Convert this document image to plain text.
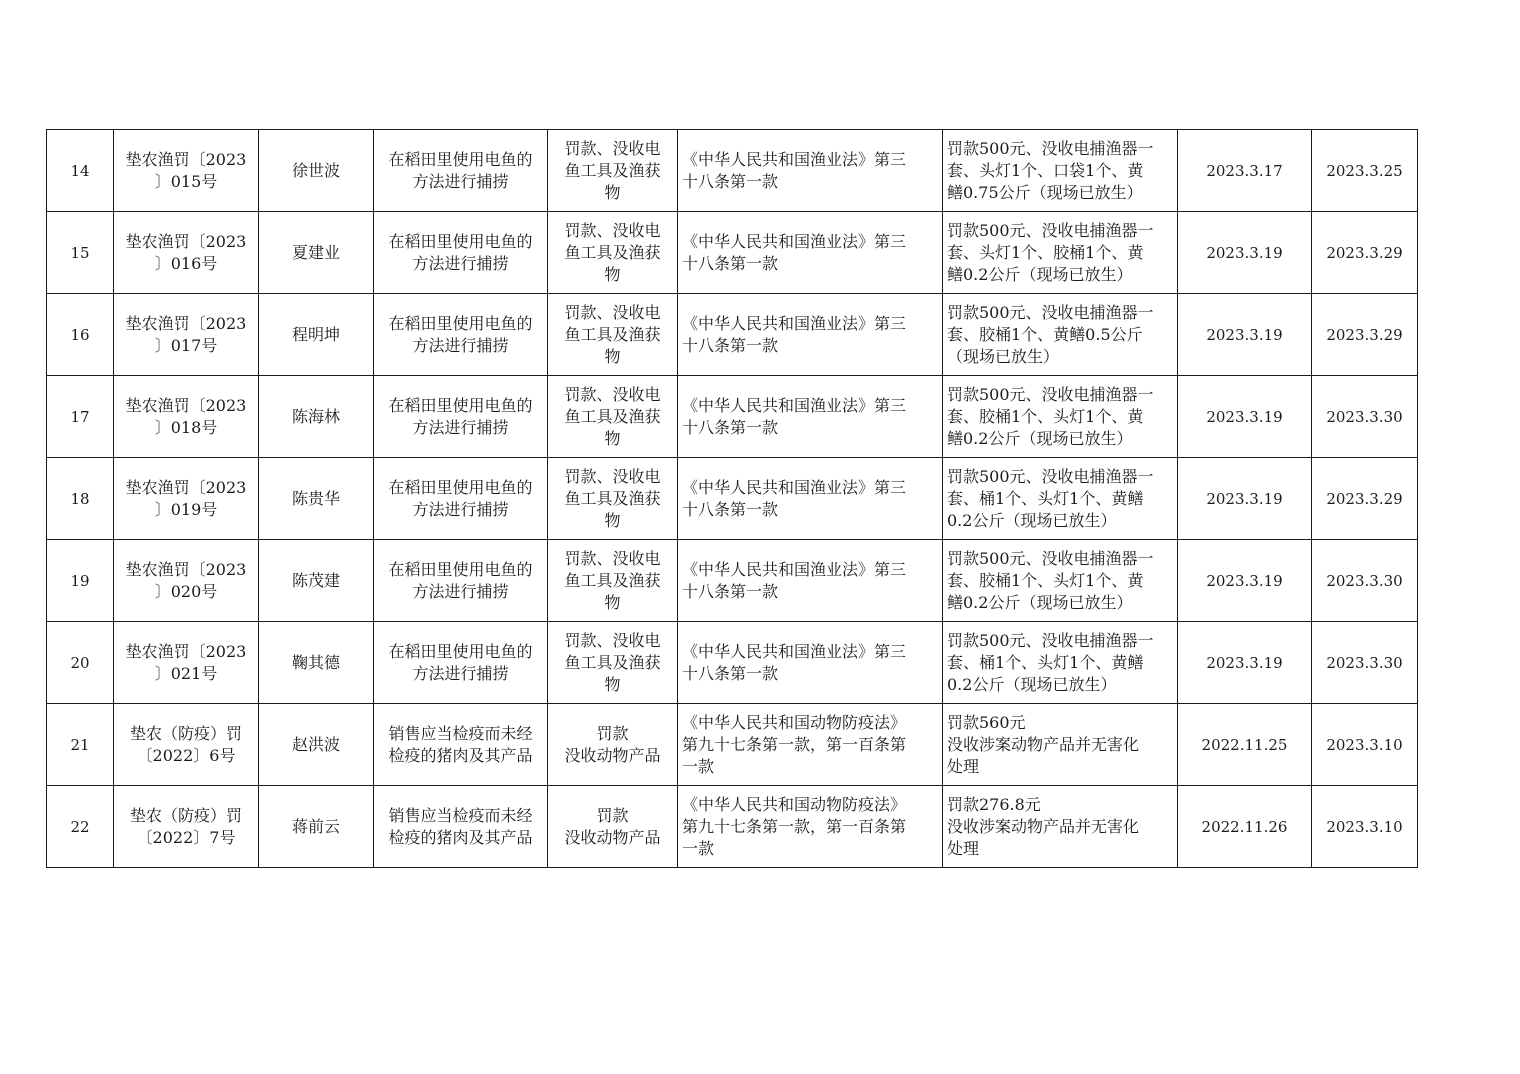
14	垫农渔罚〔2023
〕015号	徐世波	在稻田里使用电鱼的
方法进行捕捞	罚款、没收电
鱼工具及渔获
物	《中华人民共和国渔业法》第三
十八条第一款	罚款500元、没收电捕渔器一
套、头灯1个、口袋1个、黄
鳝0.75公斤（现场已放生）	2023.3.17	2023.3.25
15	垫农渔罚〔2023
〕016号	夏建业	在稻田里使用电鱼的
方法进行捕捞	罚款、没收电
鱼工具及渔获
物	《中华人民共和国渔业法》第三
十八条第一款	罚款500元、没收电捕渔器一
套、头灯1个、胶桶1个、黄
鳝0.2公斤（现场已放生）	2023.3.19	2023.3.29
16	垫农渔罚〔2023
〕017号	程明坤	在稻田里使用电鱼的
方法进行捕捞	罚款、没收电
鱼工具及渔获
物	《中华人民共和国渔业法》第三
十八条第一款	罚款500元、没收电捕渔器一
套、胶桶1个、黄鳝0.5公斤
（现场已放生）	2023.3.19	2023.3.29
17	垫农渔罚〔2023
〕018号	陈海林	在稻田里使用电鱼的
方法进行捕捞	罚款、没收电
鱼工具及渔获
物	《中华人民共和国渔业法》第三
十八条第一款	罚款500元、没收电捕渔器一
套、胶桶1个、头灯1个、黄
鳝0.2公斤（现场已放生）	2023.3.19	2023.3.30
18	垫农渔罚〔2023
〕019号	陈贵华	在稻田里使用电鱼的
方法进行捕捞	罚款、没收电
鱼工具及渔获
物	《中华人民共和国渔业法》第三
十八条第一款	罚款500元、没收电捕渔器一
套、桶1个、头灯1个、黄鳝
0.2公斤（现场已放生）	2023.3.19	2023.3.29
19	垫农渔罚〔2023
〕020号	陈茂建	在稻田里使用电鱼的
方法进行捕捞	罚款、没收电
鱼工具及渔获
物	《中华人民共和国渔业法》第三
十八条第一款	罚款500元、没收电捕渔器一
套、胶桶1个、头灯1个、黄
鳝0.2公斤（现场已放生）	2023.3.19	2023.3.30
20	垫农渔罚〔2023
〕021号	鞠其德	在稻田里使用电鱼的
方法进行捕捞	罚款、没收电
鱼工具及渔获
物	《中华人民共和国渔业法》第三
十八条第一款	罚款500元、没收电捕渔器一
套、桶1个、头灯1个、黄鳝
0.2公斤（现场已放生）	2023.3.19	2023.3.30
21	垫农（防疫）罚
〔2022〕6号	赵洪波	销售应当检疫而未经
检疫的猪肉及其产品	罚款
没收动物产品	《中华人民共和国动物防疫法》
第九十七条第一款，第一百条第
一款	罚款560元
没收涉案动物产品并无害化
处理	2022.11.25	2023.3.10
22	垫农（防疫）罚
〔2022〕7号	蒋前云	销售应当检疫而未经
检疫的猪肉及其产品	罚款
没收动物产品	《中华人民共和国动物防疫法》
第九十七条第一款，第一百条第
一款	罚款276.8元
没收涉案动物产品并无害化
处理	2022.11.26	2023.3.10
